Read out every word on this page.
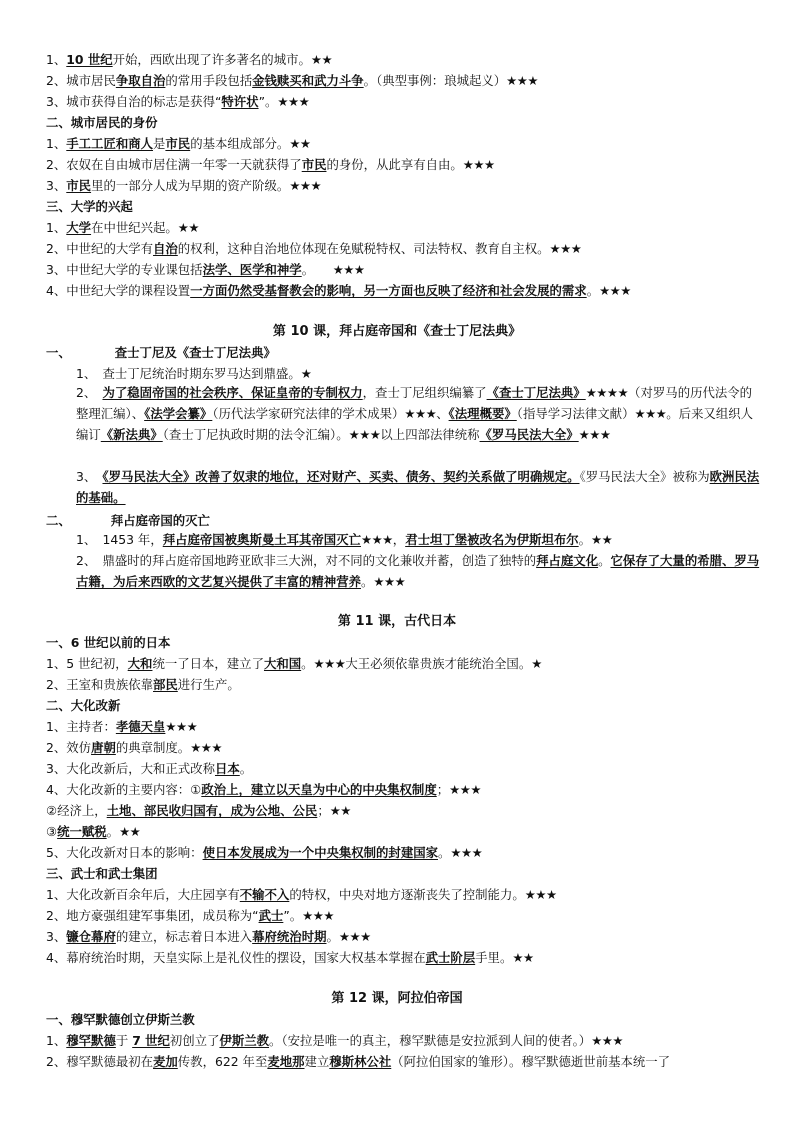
1、10 世纪开始，西欧出现了许多著名的城市。★★
2、城市居民争取自治的常用手段包括金钱赎买和武力斗争。（典型事例：琅城起义）★★★
3、城市获得自治的标志是获得“特许状”。★★★
二、城市居民的身份
1、手工工匠和商人是市民的基本组成部分。★★
2、农奴在自由城市居住满一年零一天就获得了市民的身份，从此享有自由。★★★
3、市民里的一部分人成为早期的资产阶级。★★★
三、大学的兴起
1、大学在中世纪兴起。★★
2、中世纪的大学有自治的权利，这种自治地位体现在免赋税特权、司法特权、教育自主权。★★★
3、中世纪大学的专业课包括法学、医学和神学。　　★★★
4、中世纪大学的课程设置一方面仍然受基督教会的影响，另一方面也反映了经济和社会发展的需求。★★★
第 10 课，拜占庭帝国和《查士丁尼法典》
一、	查士丁尼及《查士丁尼法典》
1、　查士丁尼统治时期东罗马达到鼎盛。★
2、　为了稳固帝国的社会秩序、保证皇帝的专制权力，查士丁尼组织编纂了《查士丁尼法典》★★★★（对罗马的历代法令的整理汇编）、《法学会纂》（历代法学家研究法律的学术成果）★★★、《法理概要》（指导学习法律文献）★★★。后来又组织人编订《新法典》（查士丁尼执政时期的法令汇编）。★★★以上四部法律统称《罗马民法大全》★★★
3、　《罗马民法大全》改善了奴隶的地位，还对财产、买卖、债务、契约关系做了明确规定。《罗马民法大全》被称为欧洲民法的基础。
二、	拜占庭帝国的灭亡
1、　1453 年，拜占庭帝国被奥斯曼土耳其帝国灭亡★★★，君士坦丁堡被改名为伊斯坦布尔。★★
2、　鼎盛时的拜占庭帝国地跨亚欧非三大洲，对不同的文化兼收并蓄，创造了独特的拜占庭文化。它保存了大量的希腊、罗马古籍，为后来西欧的文艺复兴提供了丰富的精神营养。★★★
第 11 课，古代日本
一、6 世纪以前的日本
1、5 世纪初，大和统一了日本，建立了大和国。★★★大王必须依靠贵族才能统治全国。★
2、王室和贵族依靠部民进行生产。
二、大化改新
1、主持者：孝德天皇★★★
2、效仿唐朝的典章制度。★★★
3、大化改新后，大和正式改称日本。
4、大化改新的主要内容：①政治上，建立以天皇为中心的中央集权制度；★★★
②经济上，土地、部民收归国有，成为公地、公民；★★
③统一赋税。★★
5、大化改新对日本的影响：使日本发展成为一个中央集权制的封建国家。★★★
三、武士和武士集团
1、大化改新百余年后，大庄园享有不输不入的特权，中央对地方逐渐丧失了控制能力。★★★
2、地方豪强组建军事集团，成员称为“武士”。★★★
3、镰仓幕府的建立，标志着日本进入幕府统治时期。★★★
4、幕府统治时期，天皇实际上是礼仪性的摆设，国家大权基本掌握在武士阶层手里。★★
第 12 课，阿拉伯帝国
一、穆罕默德创立伊斯兰教
1、穆罕默德于 7 世纪初创立了伊斯兰教。（安拉是唯一的真主，穆罕默德是安拉派到人间的使者。）★★★
2、穆罕默德最初在麦加传教，622 年至麦地那建立穆斯林公社（阿拉伯国家的雏形）。穆罕默德逝世前基本统一了
